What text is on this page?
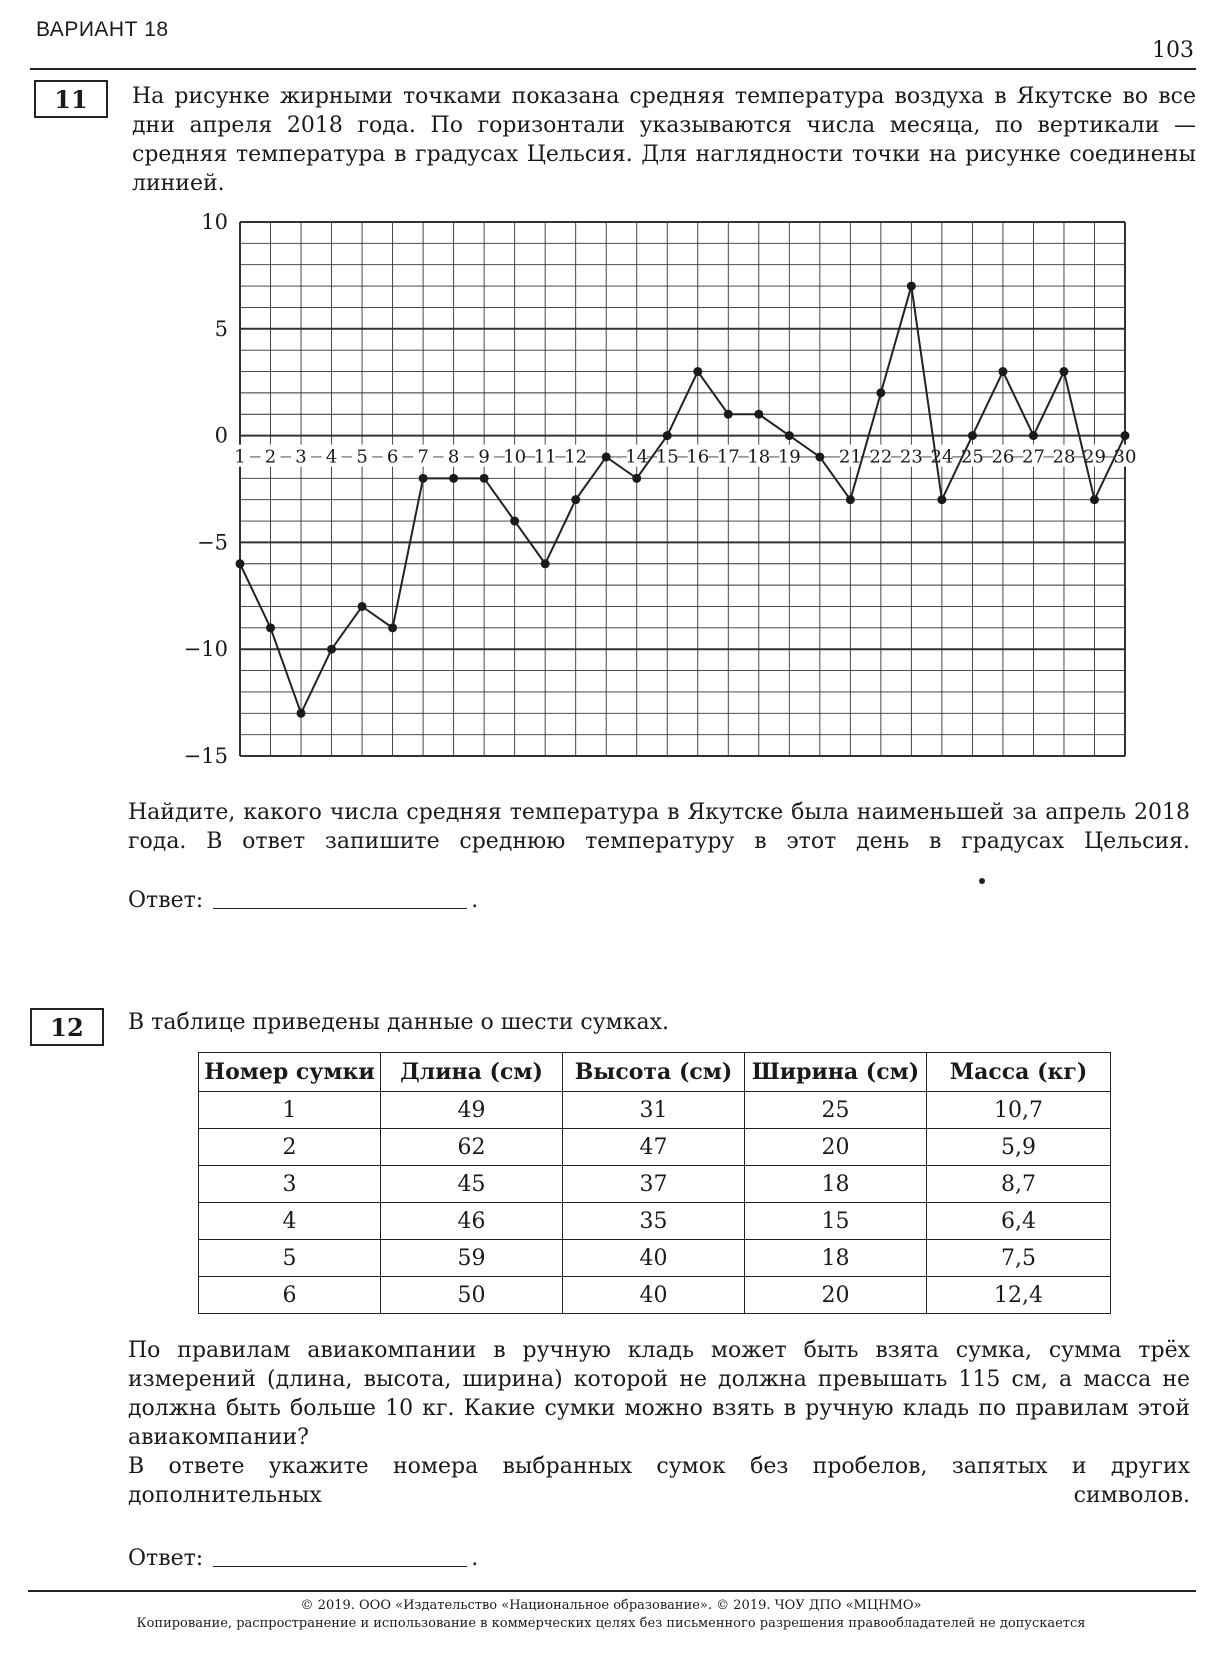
ВАРИАНТ 18
103
11 На рисунке жирными точками показана средняя температура воздуха в Якутске во все дни апреля 2018 года. По горизонтали указываются числа месяца, по вертикали — средняя температура в градусах Цельсия. Для наглядности точки на рисунке соединены линией.
10
5
0
−5
−10
−15
1 2 3 4 5 6 7 8 9 10 11 12 14 15 16 17 18 19 21 22 23 24 25 26 27 28 29 30
Найдите, какого числа средняя температура в Якутске была наименьшей за апрель 2018 года. В ответ запишите среднюю температуру в этот день в градусах Цельсия.
Ответ:	.
12 В таблице приведены данные о шести сумках.
Номер сумки	Длина (см)	Высота (см)	Ширина (см)	Масса (кг)
1	49	31	25	10,7
2	62	47	20	5,9
3	45	37	18	8,7
4	46	35	15	6,4
5	59	40	18	7,5
6	50	40	20	12,4
По правилам авиакомпании в ручную кладь может быть взята сумка, сумма трёх измерений (длина, высота, ширина) которой не должна превышать 115 см, а масса не должна быть больше 10 кг. Какие сумки можно взять в ручную кладь по правилам этой авиакомпании?
В ответе укажите номера выбранных сумок без пробелов, запятых и других дополнительных символов.
Ответ:	.
© 2019. ООО «Издательство «Национальное образование». © 2019. ЧОУ ДПО «МЦНМО»
Копирование, распространение и использование в коммерческих целях без письменного разрешения правообладателей не допускается
